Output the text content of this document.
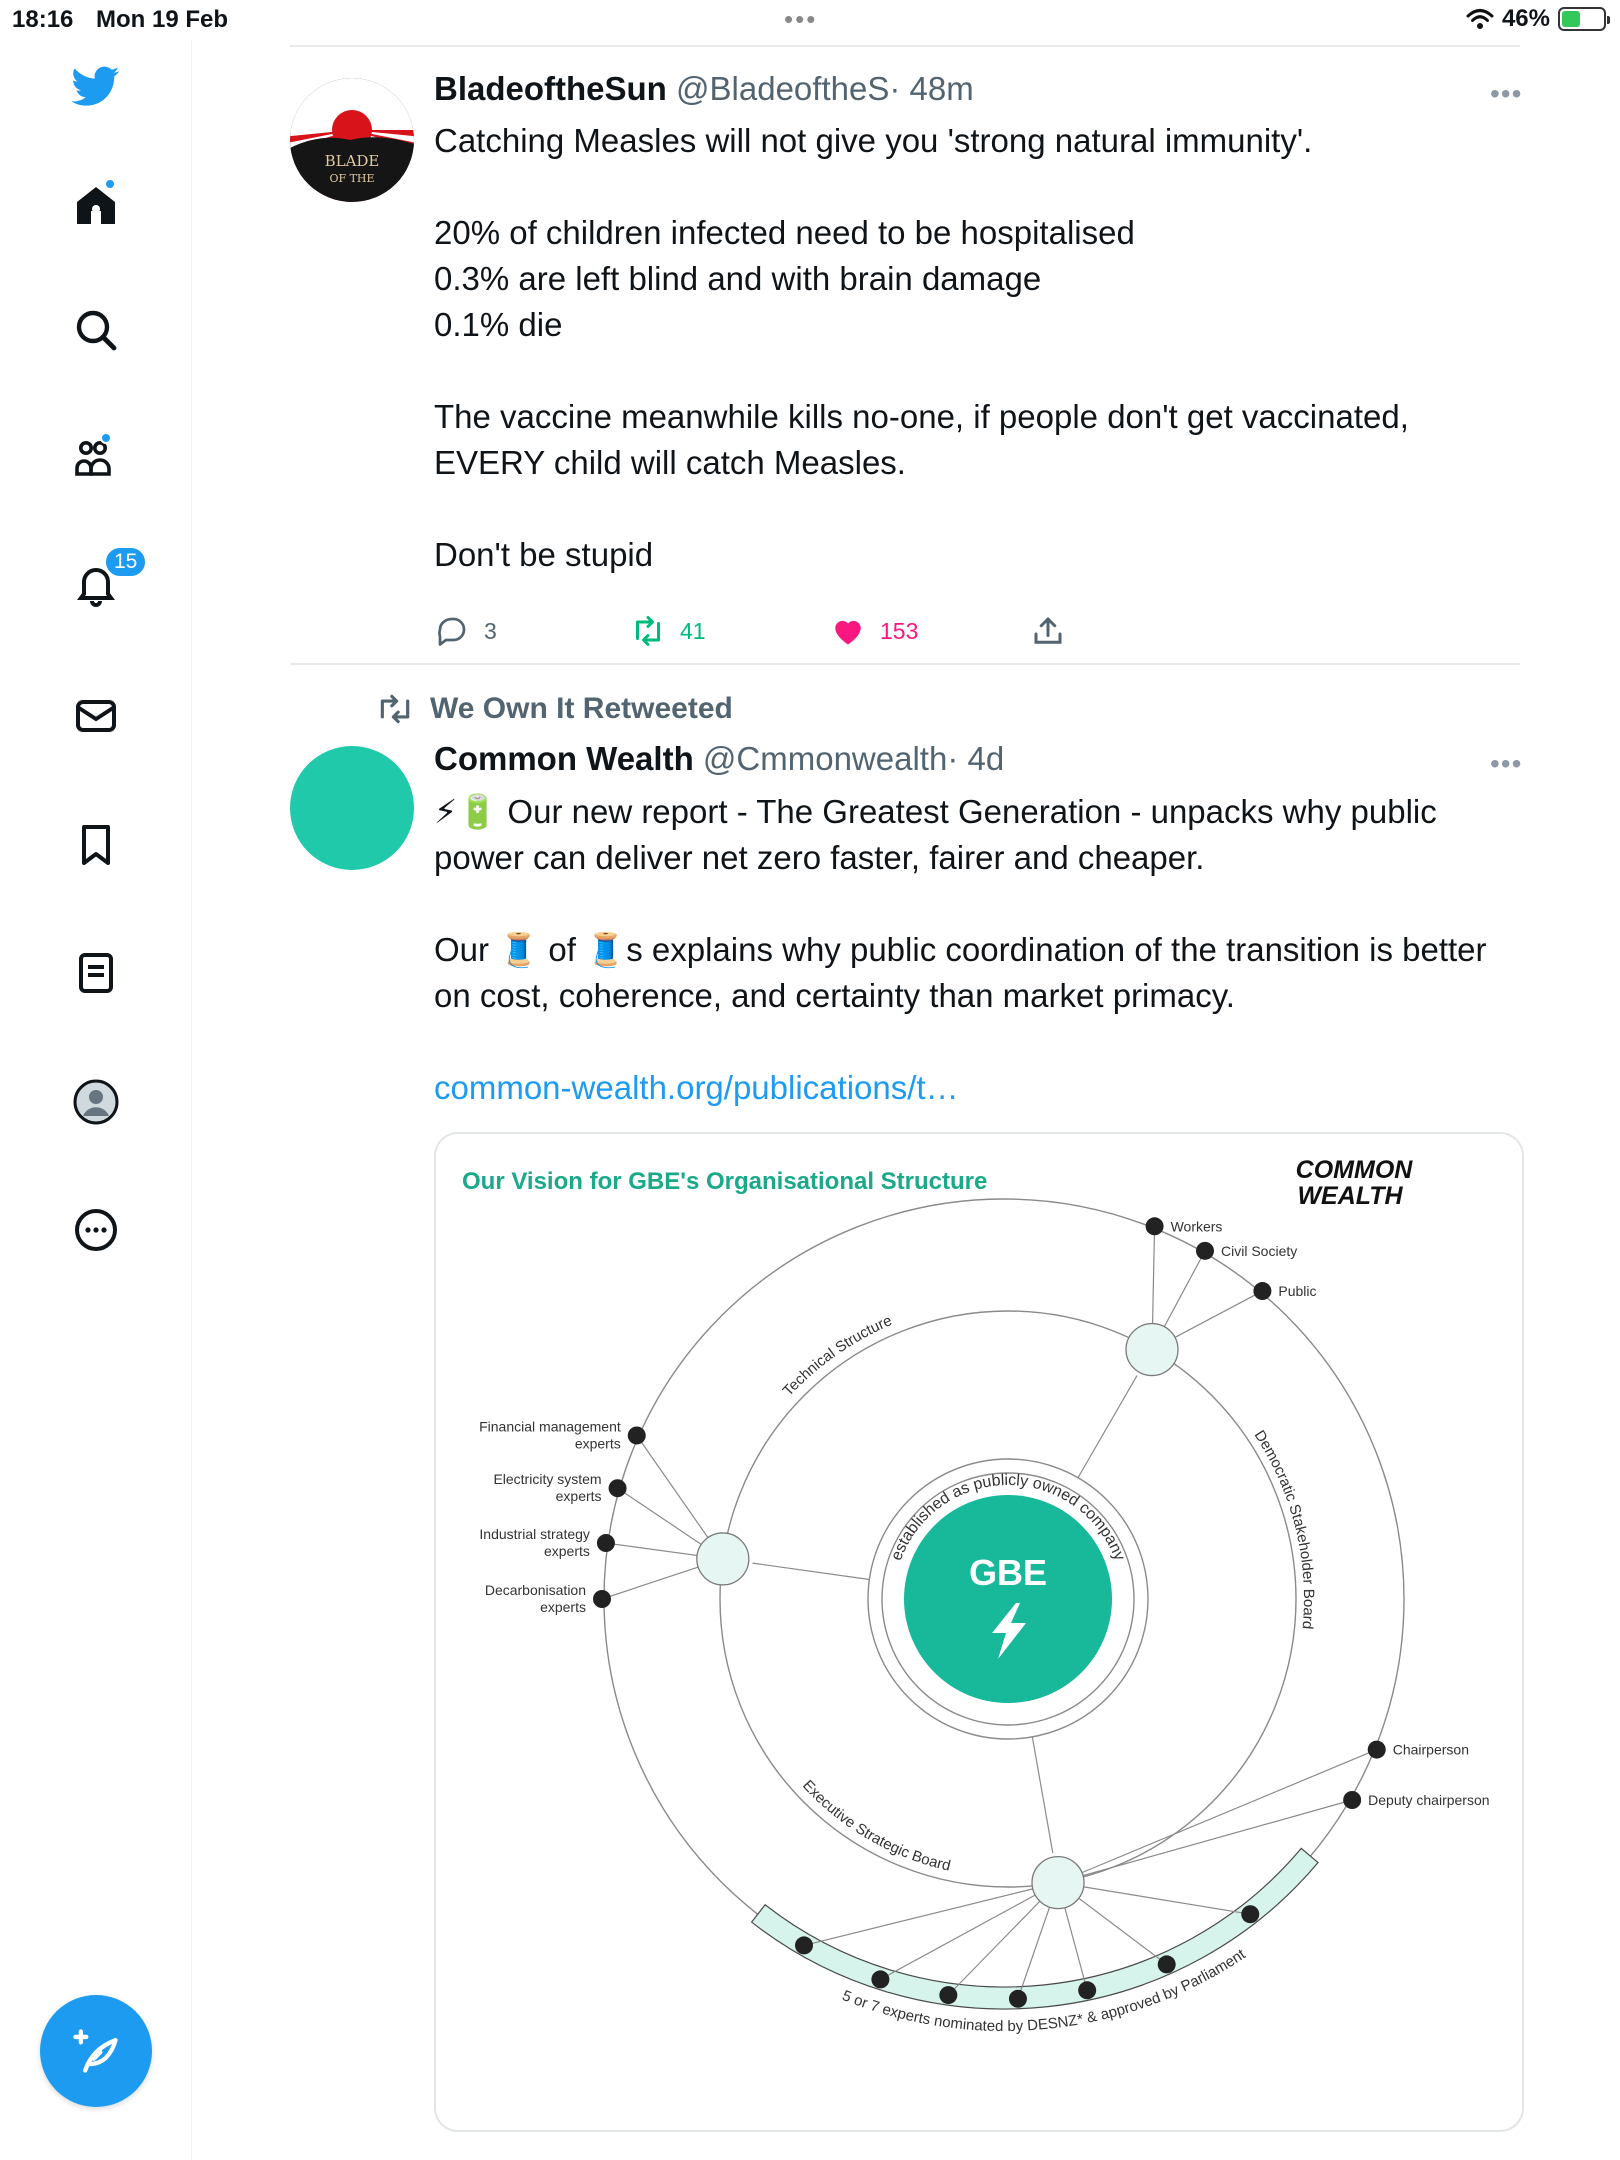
18:16 Mon 19 Feb	•••	46%
15
BLADE
OF THE
BladeoftheSun @BladeoftheS· 48m	•••
Catching Measles will not give you 'strong natural immunity'.

20% of children infected need to be hospitalised
0.3% are left blind and with brain damage
0.1% die

The vaccine meanwhile kills no-one, if people don't get vaccinated, EVERY child will catch Measles.

Don't be stupid
3	41	153
We Own It Retweeted
Common Wealth @Cmmonwealth· 4d	•••
⚡🔋 Our new report - The Greatest Generation - unpacks why public power can deliver net zero faster, fairer and cheaper.
Our 🧵 of 🧵s explains why public coordination of the transition is better on cost, coherence, and certainty than market primacy.
common-wealth.org/publications/t…
Our Vision for GBE's Organisational Structure	COMMON
WEALTH
GBE
established as publicly owned company
Technical Structure
Democratic Stakeholder Board
Executive Strategic Board
5 or 7 experts nominated by DESNZ* & approved by Parliament
Financial management
experts
Electricity system
experts
Industrial strategy
experts
Decarbonisation
experts
Workers
Civil Society
Public
Chairperson
Deputy chairperson
